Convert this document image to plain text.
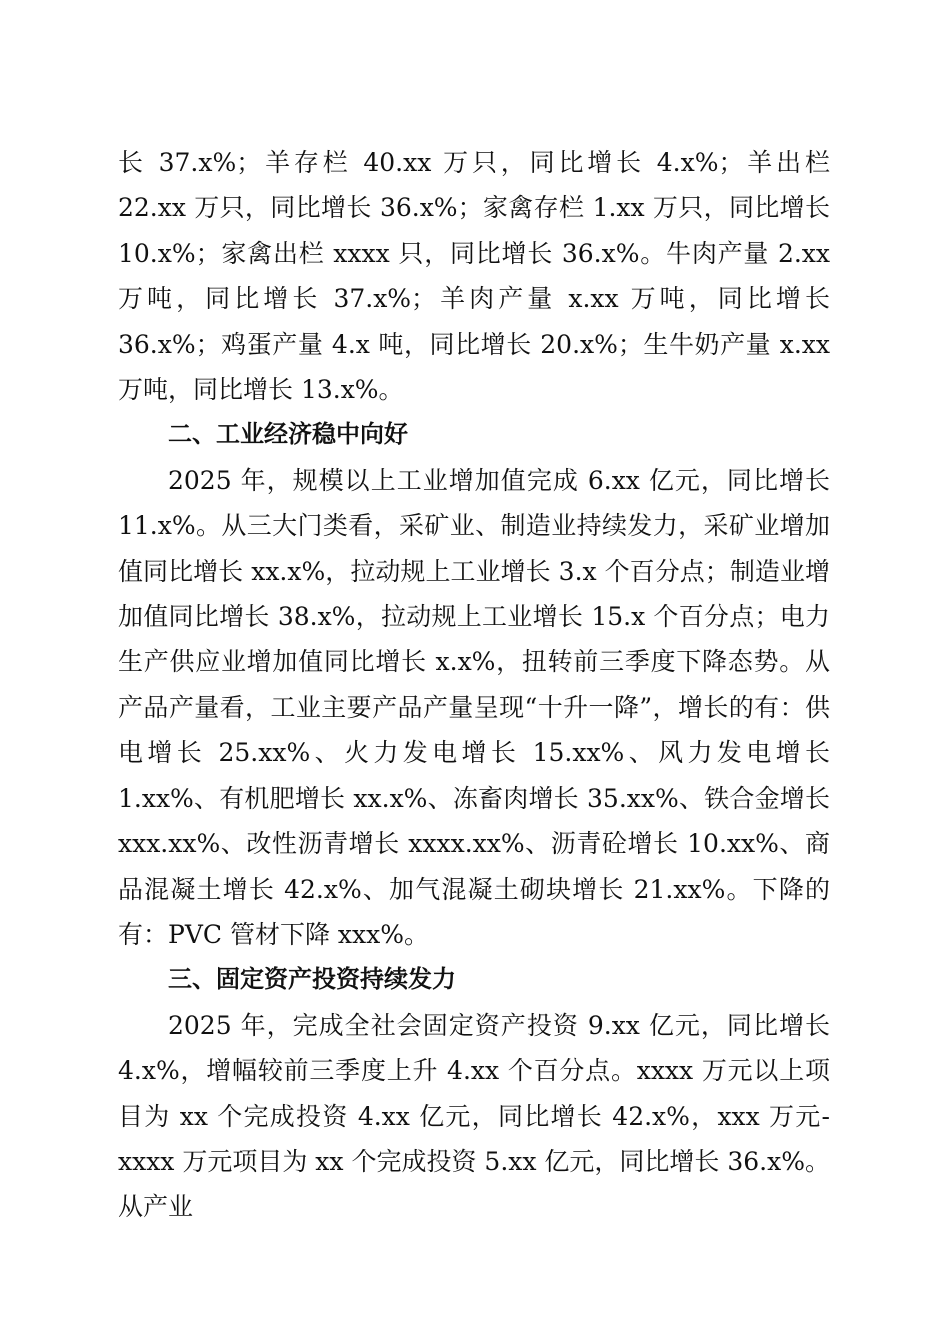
长 37.x%；羊存栏 40.xx 万只，同比增长 4.x%；羊出栏 22.xx 万只，同比增长 36.x%；家禽存栏 1.xx 万只，同比增长 10.x%；家禽出栏 xxxx 只，同比增长 36.x%。牛肉产量 2.xx 万吨，同比增长 37.x%；羊肉产量 x.xx 万吨，同比增长 36.x%；鸡蛋产量 4.x 吨，同比增长 20.x%；生牛奶产量 x.xx 万吨，同比增长 13.x%。

二、工业经济稳中向好

2025 年，规模以上工业增加值完成 6.xx 亿元，同比增长 11.x%。从三大门类看，采矿业、制造业持续发力，采矿业增加值同比增长 xx.x%，拉动规上工业增长 3.x 个百分点；制造业增加值同比增长 38.x%，拉动规上工业增长 15.x 个百分点；电力生产供应业增加值同比增长 x.x%，扭转前三季度下降态势。从产品产量看，工业主要产品产量呈现“十升一降”，增长的有：供电增长 25.xx%、火力发电增长 15.xx%、风力发电增长 1.xx%、有机肥增长 xx.x%、冻畜肉增长 35.xx%、铁合金增长 xxx.xx%、改性沥青增长 xxxx.xx%、沥青砼增长 10.xx%、商品混凝土增长 42.x%、加气混凝土砌块增长 21.xx%。下降的有：PVC 管材下降 xxx%。

三、固定资产投资持续发力

2025 年，完成全社会固定资产投资 9.xx 亿元，同比增长 4.x%，增幅较前三季度上升 4.xx 个百分点。xxxx 万元以上项目为 xx 个完成投资 4.xx 亿元，同比增长 42.x%，xxx 万元-xxxx 万元项目为 xx 个完成投资 5.xx 亿元，同比增长 36.x%。从产业
